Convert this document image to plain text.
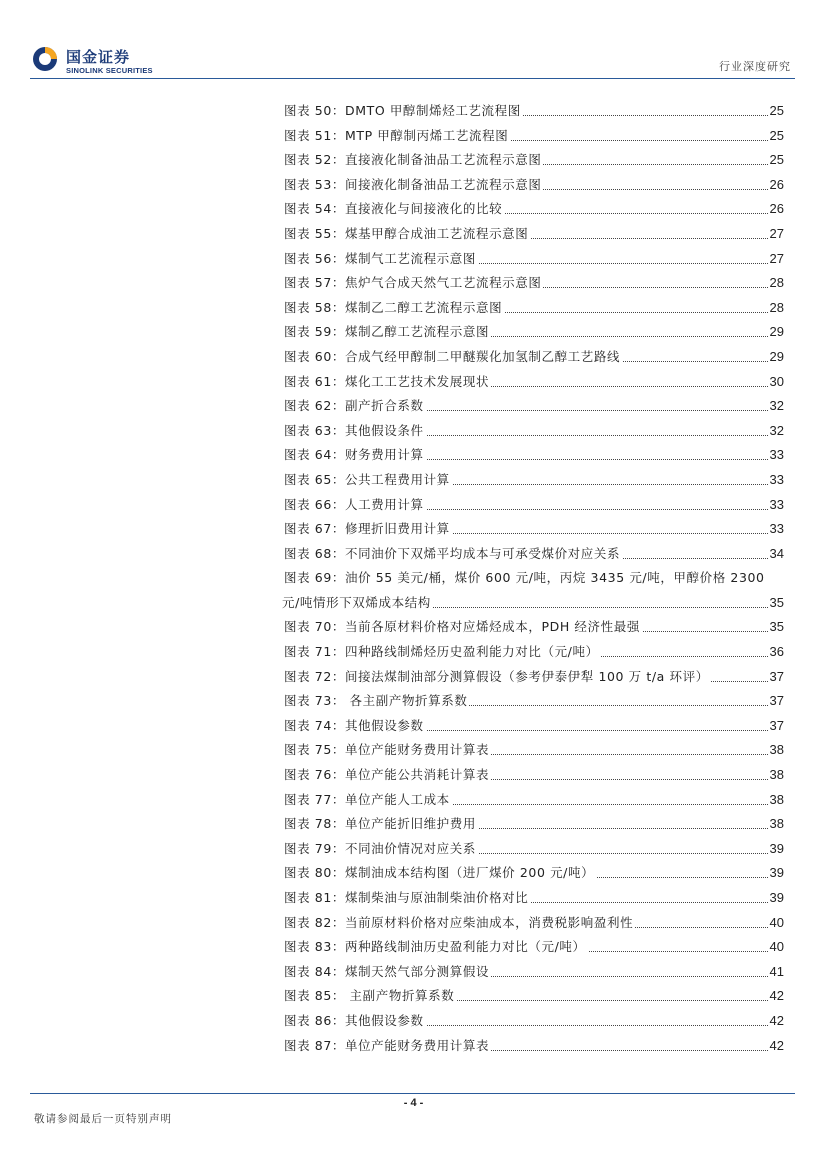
国金证券
SINOLINK SECURITIES	行业深度研究
图表 50：DMTO 甲醇制烯烃工艺流程图	25
图表 51：MTP 甲醇制丙烯工艺流程图	25
图表 52：直接液化制备油品工艺流程示意图	25
图表 53：间接液化制备油品工艺流程示意图	26
图表 54：直接液化与间接液化的比较	26
图表 55：煤基甲醇合成油工艺流程示意图	27
图表 56：煤制气工艺流程示意图	27
图表 57：焦炉气合成天然气工艺流程示意图	28
图表 58：煤制乙二醇工艺流程示意图	28
图表 59：煤制乙醇工艺流程示意图	29
图表 60：合成气经甲醇制二甲醚羰化加氢制乙醇工艺路线	29
图表 61：煤化工工艺技术发展现状	30
图表 62：副产折合系数	32
图表 63：其他假设条件	32
图表 64：财务费用计算	33
图表 65：公共工程费用计算	33
图表 66：人工费用计算	33
图表 67：修理折旧费用计算	33
图表 68：不同油价下双烯平均成本与可承受煤价对应关系	34
图表 69：油价 55 美元/桶，煤价 600 元/吨，丙烷 3435 元/吨，甲醇价格 2300
元/吨情形下双烯成本结构	35
图表 70：当前各原材料价格对应烯烃成本，PDH 经济性最强	35
图表 71：四种路线制烯烃历史盈利能力对比（元/吨）	36
图表 72：间接法煤制油部分测算假设（参考伊泰伊犁 100 万 t/a 环评）	37
图表 73： 各主副产物折算系数	37
图表 74：其他假设参数	37
图表 75：单位产能财务费用计算表	38
图表 76：单位产能公共消耗计算表	38
图表 77：单位产能人工成本	38
图表 78：单位产能折旧维护费用	38
图表 79：不同油价情况对应关系	39
图表 80：煤制油成本结构图（进厂煤价 200 元/吨）	39
图表 81：煤制柴油与原油制柴油价格对比	39
图表 82：当前原材料价格对应柴油成本，消费税影响盈利性	40
图表 83：两种路线制油历史盈利能力对比（元/吨）	40
图表 84：煤制天然气部分测算假设	41
图表 85： 主副产物折算系数	42
图表 86：其他假设参数	42
图表 87：单位产能财务费用计算表	42
- 4 -
敬请参阅最后一页特别声明
